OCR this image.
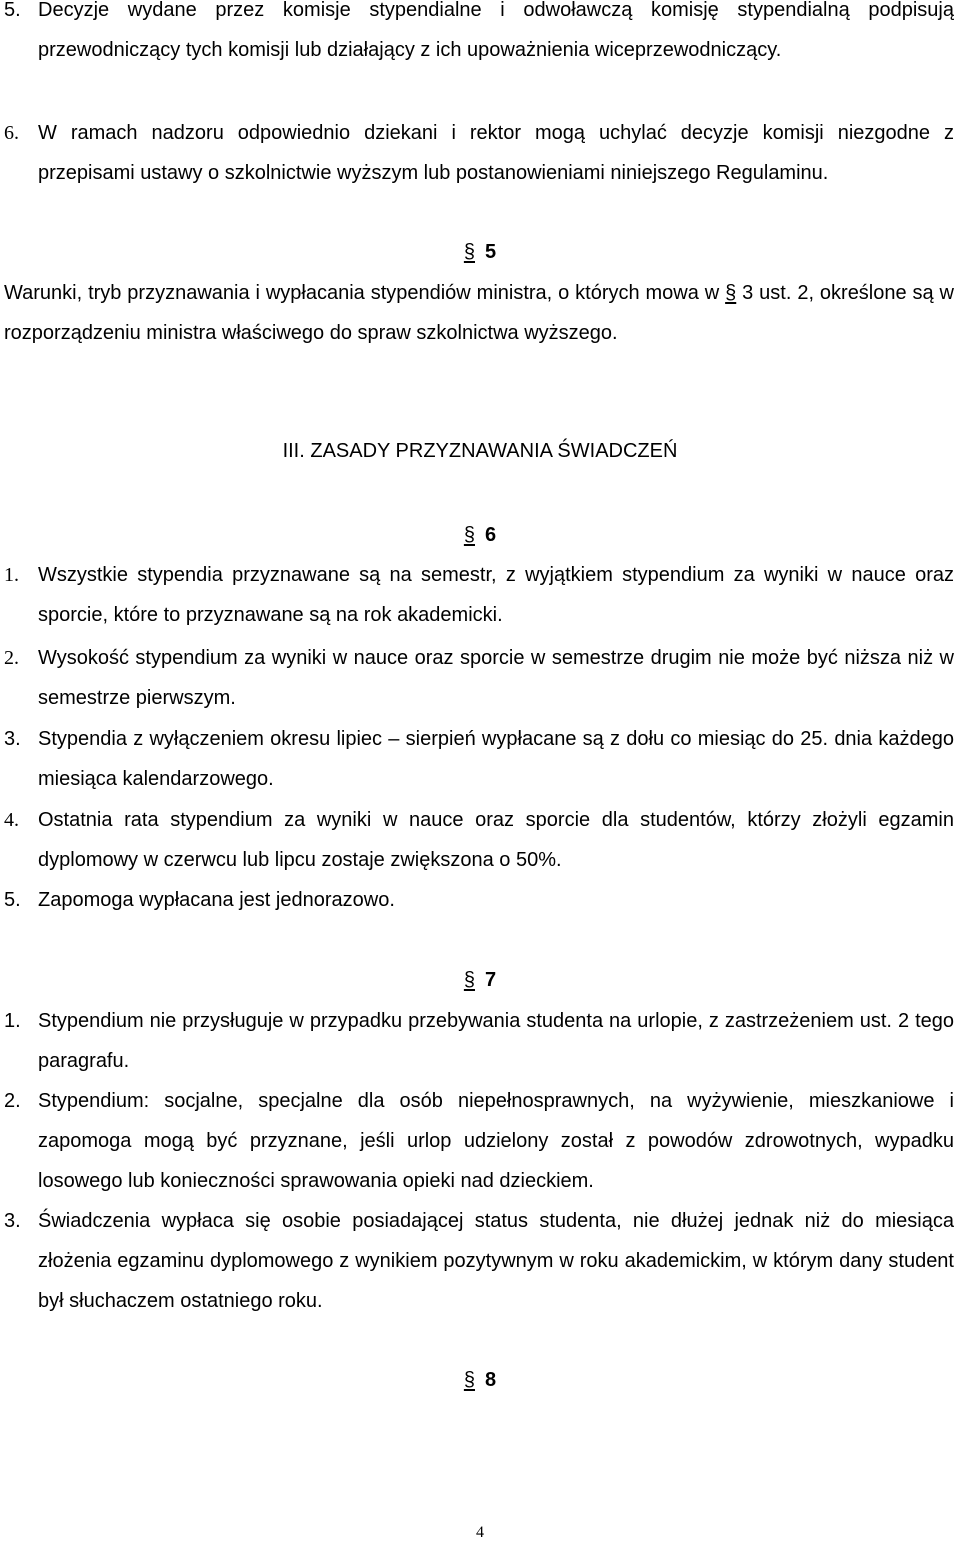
5. Decyzje wydane przez komisje stypendialne i odwoławczą komisję stypendialną podpisują przewodniczący tych komisji lub działający z ich upoważnienia wiceprzewodniczący.
6. W ramach nadzoru odpowiednio dziekani i rektor mogą uchylać decyzje komisji niezgodne z przepisami ustawy o szkolnictwie wyższym lub postanowieniami niniejszego Regulaminu.
§ 5
Warunki, tryb przyznawania i wypłacania stypendiów ministra, o których mowa w § 3 ust. 2, określone są w rozporządzeniu ministra właściwego do spraw szkolnictwa wyższego.
III. ZASADY PRZYZNAWANIA ŚWIADCZEŃ
§ 6
1. Wszystkie stypendia przyznawane są na semestr, z wyjątkiem stypendium za wyniki w nauce oraz sporcie, które to przyznawane są na rok akademicki.
2. Wysokość stypendium za wyniki w nauce oraz sporcie w semestrze drugim nie może być niższa niż w semestrze pierwszym.
3. Stypendia z wyłączeniem okresu lipiec – sierpień wypłacane są z dołu co miesiąc do 25. dnia każdego miesiąca kalendarzowego.
4. Ostatnia rata stypendium za wyniki w nauce oraz sporcie dla studentów, którzy złożyli egzamin dyplomowy w czerwcu lub lipcu zostaje zwiększona o 50%.
5. Zapomoga wypłacana jest jednorazowo.
§ 7
1. Stypendium nie przysługuje w przypadku przebywania studenta na urlopie, z zastrzeżeniem ust. 2 tego paragrafu.
2. Stypendium: socjalne, specjalne dla osób niepełnosprawnych, na wyżywienie, mieszkaniowe i zapomoga mogą być przyznane, jeśli urlop udzielony został z powodów zdrowotnych, wypadku losowego lub konieczności sprawowania opieki nad dzieckiem.
3. Świadczenia wypłaca się osobie posiadającej status studenta, nie dłużej jednak niż do miesiąca złożenia egzaminu dyplomowego z wynikiem pozytywnym w roku akademickim, w którym dany student był słuchaczem ostatniego roku.
§ 8
4
